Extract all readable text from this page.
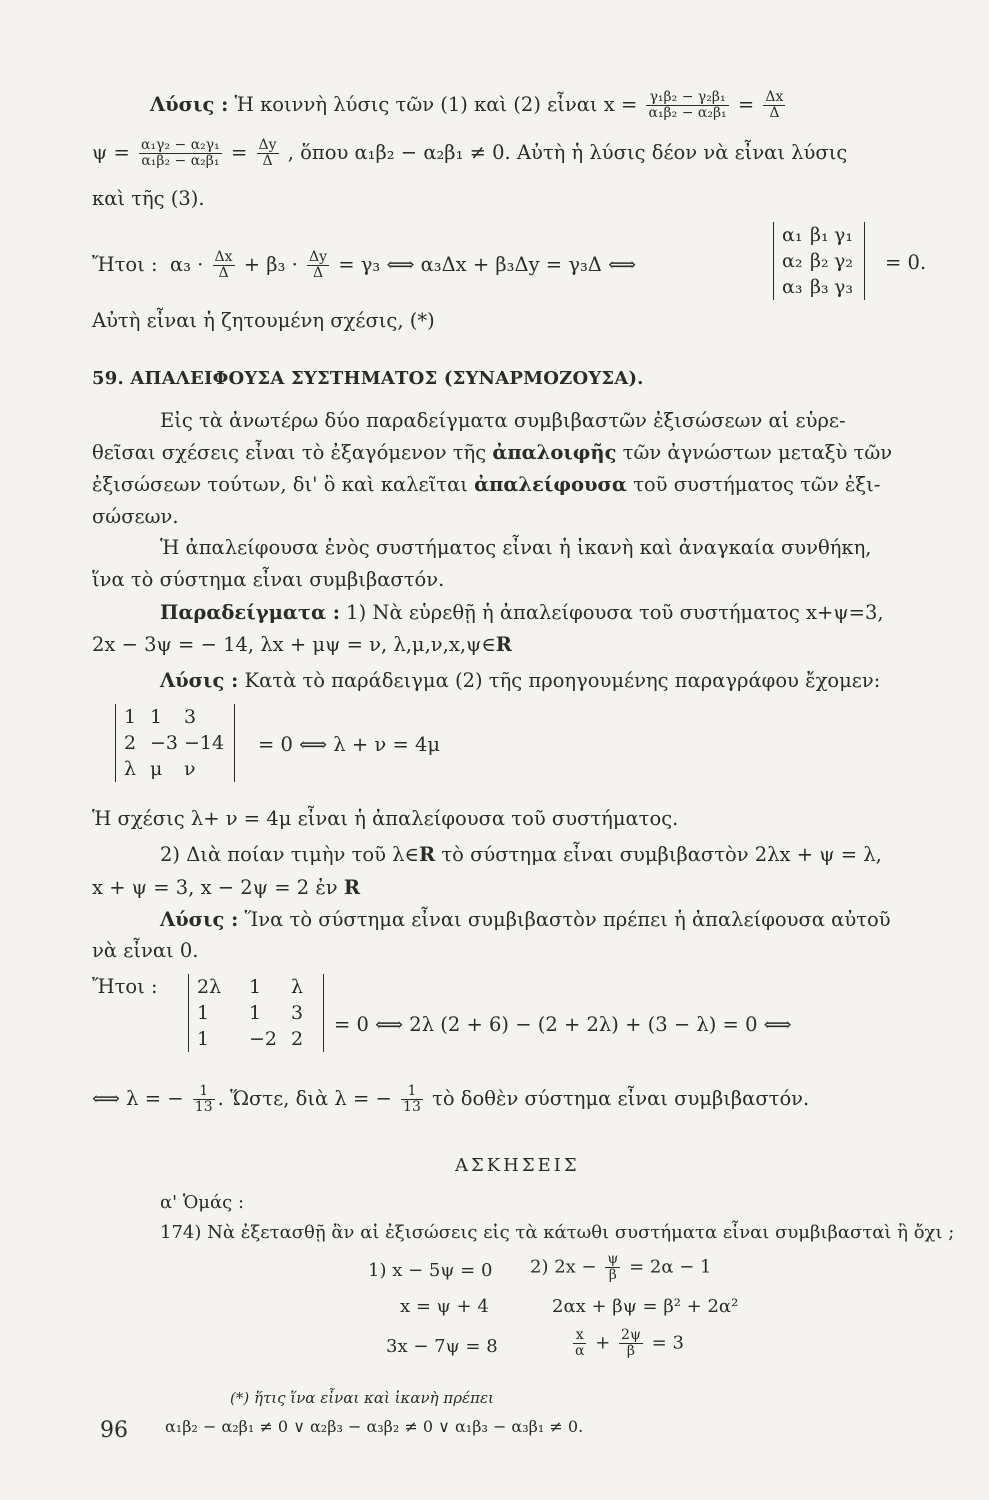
Λύσις : Ἡ κοιννὴ λύσις τῶν (1) καὶ (2) εἶναι $x = \frac{\text{γ₁β₂ − γ₂β₁}}{\text{α₁β₂ − α₂β₁}} = \frac{\Delta x}{\Delta}$
$\psi = \frac{\text{α₁γ₂ − α₂γ₁}}{\text{α₁β₂ − α₂β₁}} = \frac{\Delta y}{\Delta}$ , ὅπου α₁β₂ − α₂β₁ ≠ 0. Αὐτὴ ἡ λύσις δέον νὰ εἶναι λύσις
καὶ τῆς (3).
Ἤτοι : $\alpha_3 \cdot \frac{\Delta x}{\Delta} + \beta_3 \cdot \frac{\Delta y}{\Delta} = \gamma_3$ ⟺ α₃Δx + β₃Δy = γ₃Δ ⟺
α₁ β₁ γ₁
α₂ β₂ γ₂
α₃ β₃ γ₃
= 0.
Αὐτὴ εἶναι ἡ ζητουμένη σχέσις, (*)
59. ΑΠΑΛΕΙΦΟΥΣΑ ΣΥΣΤΗΜΑΤΟΣ (ΣΥΝΑΡΜΟΖΟΥΣΑ).
Εἰς τὰ ἀνωτέρω δύο παραδείγματα συμβιβαστῶν ἐξισώσεων αἱ εὑρε-
θεῖσαι σχέσεις εἶναι τὸ ἐξαγόμενον τῆς ἀπαλοιφῆς τῶν ἀγνώστων μεταξὺ τῶν
ἐξισώσεων τούτων, δι' ὃ καὶ καλεῖται ἀπαλείφουσα τοῦ συστήματος τῶν ἐξι-
σώσεων.
Ἡ ἀπαλείφουσα ἑνὸς συστήματος εἶναι ἡ ἱκανὴ καὶ ἀναγκαία συνθήκη,
ἵνα τὸ σύστημα εἶναι συμβιβαστόν.
Παραδείγματα : 1) Νὰ εὑρεθῇ ἡ ἀπαλείφουσα τοῦ συστήματος x+ψ=3,
2x − 3ψ = − 14, λx + μψ = ν, λ,μ,ν,x,ψ∈R
Λύσις : Κατὰ τὸ παράδειγμα (2) τῆς προηγουμένης παραγράφου ἔχομεν:
1 1	3
2 −3 −14
λ μ	ν
= 0 ⟺ λ + ν = 4μ
Ἡ σχέσις λ+ ν = 4μ εἶναι ἡ ἀπαλείφουσα τοῦ συστήματος.
2) Διὰ ποίαν τιμὴν τοῦ λ∈R τὸ σύστημα εἶναι συμβιβαστὸν 2λx + ψ = λ,
x + ψ = 3, x − 2ψ = 2 ἐν R
Λύσις : Ἵνα τὸ σύστημα εἶναι συμβιβαστὸν πρέπει ἡ ἀπαλείφουσα αὐτοῦ
νὰ εἶναι 0.
Ἤτοι :	2λ	1	λ
1	1	3
1	−2 2
= 0 ⟺ 2λ (2 + 6) − (2 + 2λ) + (3 − λ) = 0 ⟺
⟺ λ = − $\frac{1}{13}$ . Ὥστε, διὰ λ = − $\frac{1}{13}$ τὸ δοθὲν σύστημα εἶναι συμβιβαστόν.
ΑΣΚΗΣΕΙΣ
α' Ὁμάς :
174) Νὰ ἐξετασθῇ ἂν αἱ ἐξισώσεις εἰς τὰ κάτωθι συστήματα εἶναι συμβιβασταὶ ἢ ὄχι ;
1) x − 5ψ = 0
x = ψ + 4
3x − 7ψ = 8
2) $2x - \frac{\psi}{\beta} = 2\alpha - 1$
2αx + βψ = β² + 2α²
$\frac{x}{\alpha} + \frac{2\psi}{\beta} = 3$
(*) ἥτις ἵνα εἶναι καὶ ἱκανὴ πρέπει
α₁β₂ − α₂β₁ ≠ 0 ∨ α₂β₃ − α₃β₂ ≠ 0 ∨ α₁β₃ − α₃β₁ ≠ 0.
96
